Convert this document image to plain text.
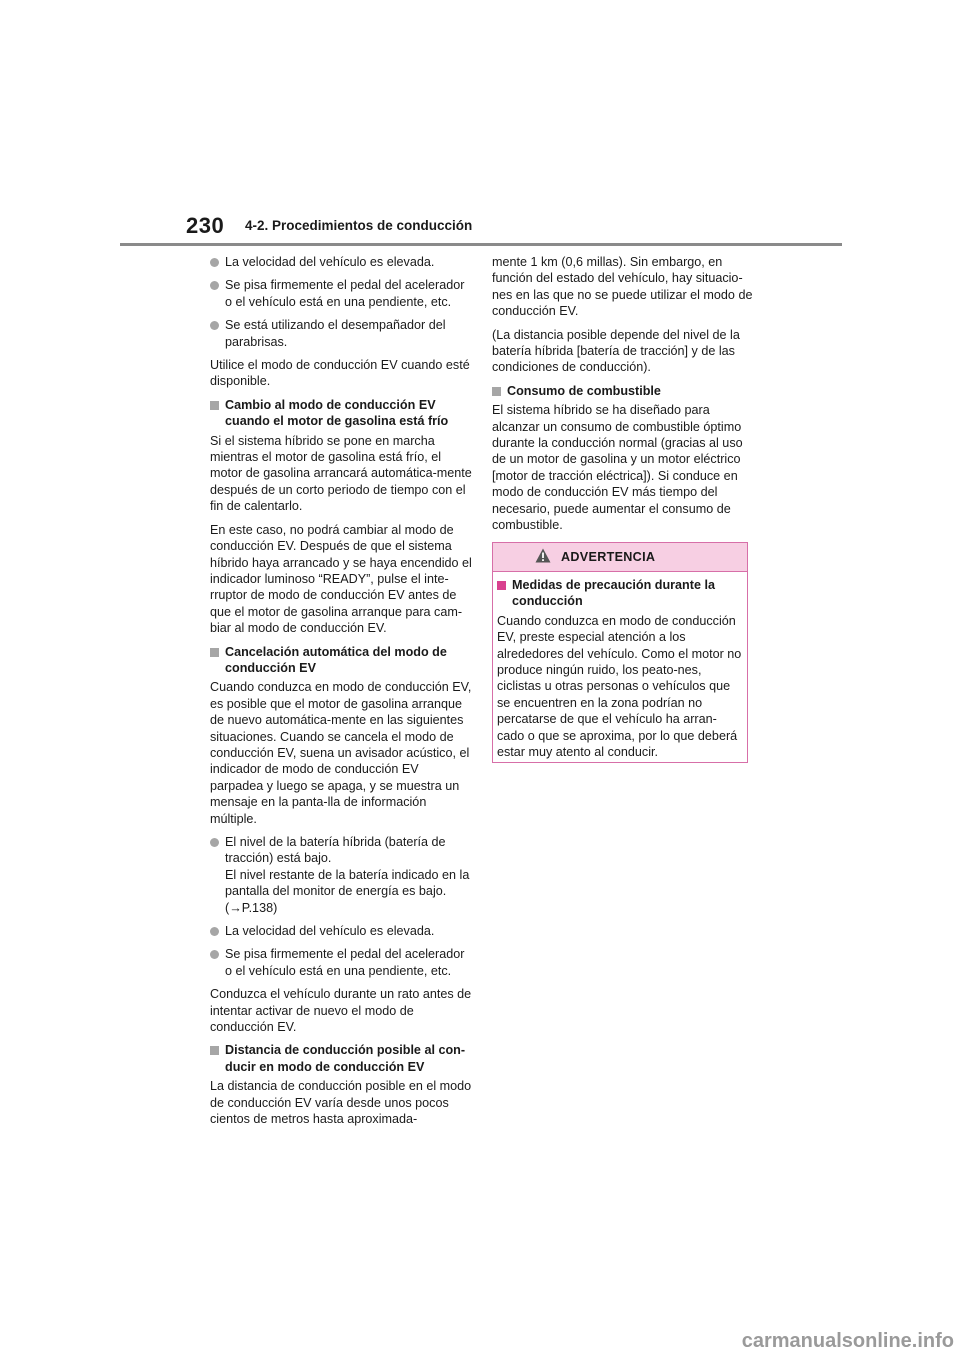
230 4-2. Procedimientos de conducción
La velocidad del vehículo es elevada.
Se pisa firmemente el pedal del acelerador o el vehículo está en una pendiente, etc.
Se está utilizando el desempañador del parabrisas.

Utilice el modo de conducción EV cuando esté disponible.

Cambio al modo de conducción EV cuando el motor de gasolina está frío

Si el sistema híbrido se pone en marcha mientras el motor de gasolina está frío, el motor de gasolina arrancará automática-mente después de un corto periodo de tiempo con el fin de calentarlo.

En este caso, no podrá cambiar al modo de conducción EV. Después de que el sistema híbrido haya arrancado y se haya encendido el indicador luminoso “READY”, pulse el inte-rruptor de modo de conducción EV antes de que el motor de gasolina arranque para cam-biar al modo de conducción EV.

Cancelación automática del modo de conducción EV

Cuando conduzca en modo de conducción EV, es posible que el motor de gasolina arranque de nuevo automática-mente en las siguientes situaciones. Cuando se cancela el modo de conducción EV, suena un avisador acústico, el indicador de modo de conducción EV parpadea y luego se apaga, y se muestra un mensaje en la panta-lla de información múltiple.

El nivel de la batería híbrida (batería de tracción) está bajo.
El nivel restante de la batería indicado en la pantalla del monitor de energía es bajo.
(→P.138)
La velocidad del vehículo es elevada.
Se pisa firmemente el pedal del acelerador o el vehículo está en una pendiente, etc.

Conduzca el vehículo durante un rato antes de intentar activar de nuevo el modo de conducción EV.

Distancia de conducción posible al con-ducir en modo de conducción EV

La distancia de conducción posible en el modo de conducción EV varía desde unos pocos cientos de metros hasta aproximada-

mente 1 km (0,6 millas). Sin embargo, en función del estado del vehículo, hay situacio-nes en las que no se puede utilizar el modo de conducción EV.

(La distancia posible depende del nivel de la batería híbrida [batería de tracción] y de las condiciones de conducción).

Consumo de combustible

El sistema híbrido se ha diseñado para alcanzar un consumo de combustible óptimo durante la conducción normal (gracias al uso de un motor de gasolina y un motor eléctrico [motor de tracción eléctrica]). Si conduce en modo de conducción EV más tiempo del necesario, puede aumentar el consumo de combustible.

ADVERTENCIA
Medidas de precaución durante la conducción

Cuando conduzca en modo de conducción EV, preste especial atención a los alrededores del vehículo. Como el motor no produce ningún ruido, los peato-nes, ciclistas u otras personas o vehículos que se encuentren en la zona podrían no percatarse de que el vehículo ha arran-cado o que se aproxima, por lo que deberá estar muy atento al conducir.

carmanualsonline.info
